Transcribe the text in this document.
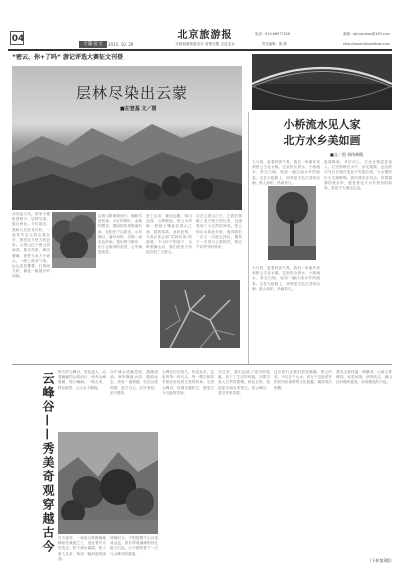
04
专题·征文	2015. 10. 29
北京旅游报
文明和谐旅游出行 清情无限 走近北京
邮箱：bjlvyoubao@163.com
电话：010-66977426
责任编辑：陈 晨	http://www.bjtravelbao.com
“密云、你+了吗” 游记评选大赛征文刊登
凉风起天末，谁家小楼里望秋月。层林尽染，极目秋色。今年国庆，我和几位好友约好，一起驾车去云蒙山看红叶，感受北方秋天的色彩。云蒙山位于密云西南部，林木茂密，峰峦叠嶂，被誉为北方小黄山。一路上秋高气爽，远山层层叠叠，红黄绿交织，像是一幅展开的油画。
层林尽染出云蒙
■左登基 文／图
沿着山路缓缓而行，满眼尽是秋意。火红的枫叶、金黄的银杏、墨绿的松柏错落有致，在阳光下闪着光。山风拂过，落叶纷纷，仿佛一场彩色的雨。我们停下脚步，拍下这难得的美景，心中满是欢喜。
登上山顶，极目远眺，群山连绵，云雾缭绕。密云水库像一面镜子镶嵌在群山之间，碧波荡漾。此时此刻，才真正体会到“层林尽染”的意境。下山时夕阳西下，余晖洒满山谷，我们依依不舍地告别了云蒙山。
这次云蒙山之行，让我们领略了北方秋天的壮美，也感受到了大自然的神奇。密云的山水如此多娇，值得我们一次又一次地去探访。期待下一次再与云蒙相约，看它不同季节的风采。
小桥流水见人家
北方水乡美如画
■文／图 刘伟林摄
九月底，趁着秋高气爽，我们一家驱车来到密云古北水镇。这里依山傍水，小桥流水，青瓦白墙，宛如一幅江南水乡的画卷。走在石板路上，两旁是古色古香的店铺，游人如织，热闹非凡。
夜幕降临，华灯初上，古北水镇更显迷人。灯光倒映在水中，波光粼粼。远处的司马台长城在夜色中若隐若现，与水镇的灯火交相辉映。我们漫步在河边，听着潺潺的流水声，感受着北方水乡独有的韵味，真是令人流连忘返。
九月底，趁着秋高气爽，我们一家驱车来到密云古北水镇。这里依山傍水，小桥流水，青瓦白墙，宛如一幅江南水乡的画卷。走在石板路上，两旁是古色古香的店铺，游人如织，热闹非凡。
云峰谷——秀美奇观穿越古今 秋天的云峰谷，景色迷人。沿着蜿蜒的山路前行，两旁山峰陡峭，怪石嶙峋。一路走来，移步换景，让人目不暇接。
谷中溪水清澈见底，潺潺流淌。秋叶飘落水面，随波而去，别有一番情趣。站在谷底仰望，蓝天白云，红叶青松，美不胜收。
云峰谷历史悠久，传说众多。这里的每一块石头、每一棵古树似乎都在诉说着古老的故事。走进云峰谷，仿佛穿越时空，感受古今交融的奇妙。
在这里，我们远离了城市的喧嚣，放下了生活的烦恼，尽情享受大自然的馈赠。秋色正浓，欢迎更多朋友来密云，来云峰谷，看这秀美奇观。
这次旅行让我们收获满满。密云的美，不仅在于山水，更在于这里淳朴的民风和深厚的文化底蕴。期待再次相聚。
我们沿着栈道一路攀登，山间云雾缭绕，宛若仙境。秋风吹过，满山红叶随风摇曳，如同燃烧的火焰。
在古道旁，一座座石桥静静地横卧在溪流之上，见证着岁月的变迁。桥下流水潺潺，桥上游人往来，构成一幅和谐的画面。
傍晚时分，夕阳将整个山谷染成金色，我们带着满满的回忆踏上归途，心中期待着下一次与云峰谷的重逢。
（下转第3版）
